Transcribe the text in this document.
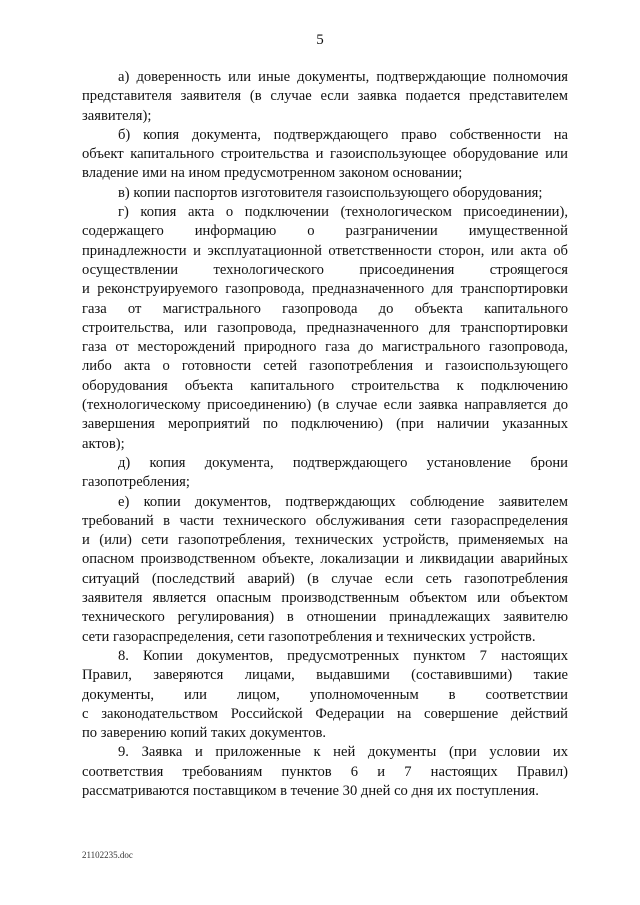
5
а) доверенность или иные документы, подтверждающие полномочия
представителя заявителя (в случае если заявка подается представителем
заявителя);
б) копия документа, подтверждающего право собственности на
объект капитального строительства и газоиспользующее оборудование или
владение ими на ином предусмотренном законом основании;
в) копии паспортов изготовителя газоиспользующего оборудования;
г) копия акта о подключении (технологическом присоединении),
содержащего информацию о разграничении имущественной
принадлежности и эксплуатационной ответственности сторон, или акта об
осуществлении технологического присоединения строящегося
и реконструируемого газопровода, предназначенного для транспортировки
газа от магистрального газопровода до объекта капитального
строительства, или газопровода, предназначенного для транспортировки
газа от месторождений природного газа до магистрального газопровода,
либо акта о готовности сетей газопотребления и газоиспользующего
оборудования объекта капитального строительства к подключению
(технологическому присоединению) (в случае если заявка направляется до
завершения мероприятий по подключению) (при наличии указанных
актов);
д) копия документа, подтверждающего установление брони
газопотребления;
е) копии документов, подтверждающих соблюдение заявителем
требований в части технического обслуживания сети газораспределения
и (или) сети газопотребления, технических устройств, применяемых на
опасном производственном объекте, локализации и ликвидации аварийных
ситуаций (последствий аварий) (в случае если сеть газопотребления
заявителя является опасным производственным объектом или объектом
технического регулирования) в отношении принадлежащих заявителю
сети газораспределения, сети газопотребления и технических устройств.
8. Копии документов, предусмотренных пунктом 7 настоящих
Правил, заверяются лицами, выдавшими (составившими) такие
документы, или лицом, уполномоченным в соответствии
с законодательством Российской Федерации на совершение действий
по заверению копий таких документов.
9. Заявка и приложенные к ней документы (при условии их
соответствия требованиям пунктов 6 и 7 настоящих Правил)
рассматриваются поставщиком в течение 30 дней со дня их поступления.
21102235.doc
